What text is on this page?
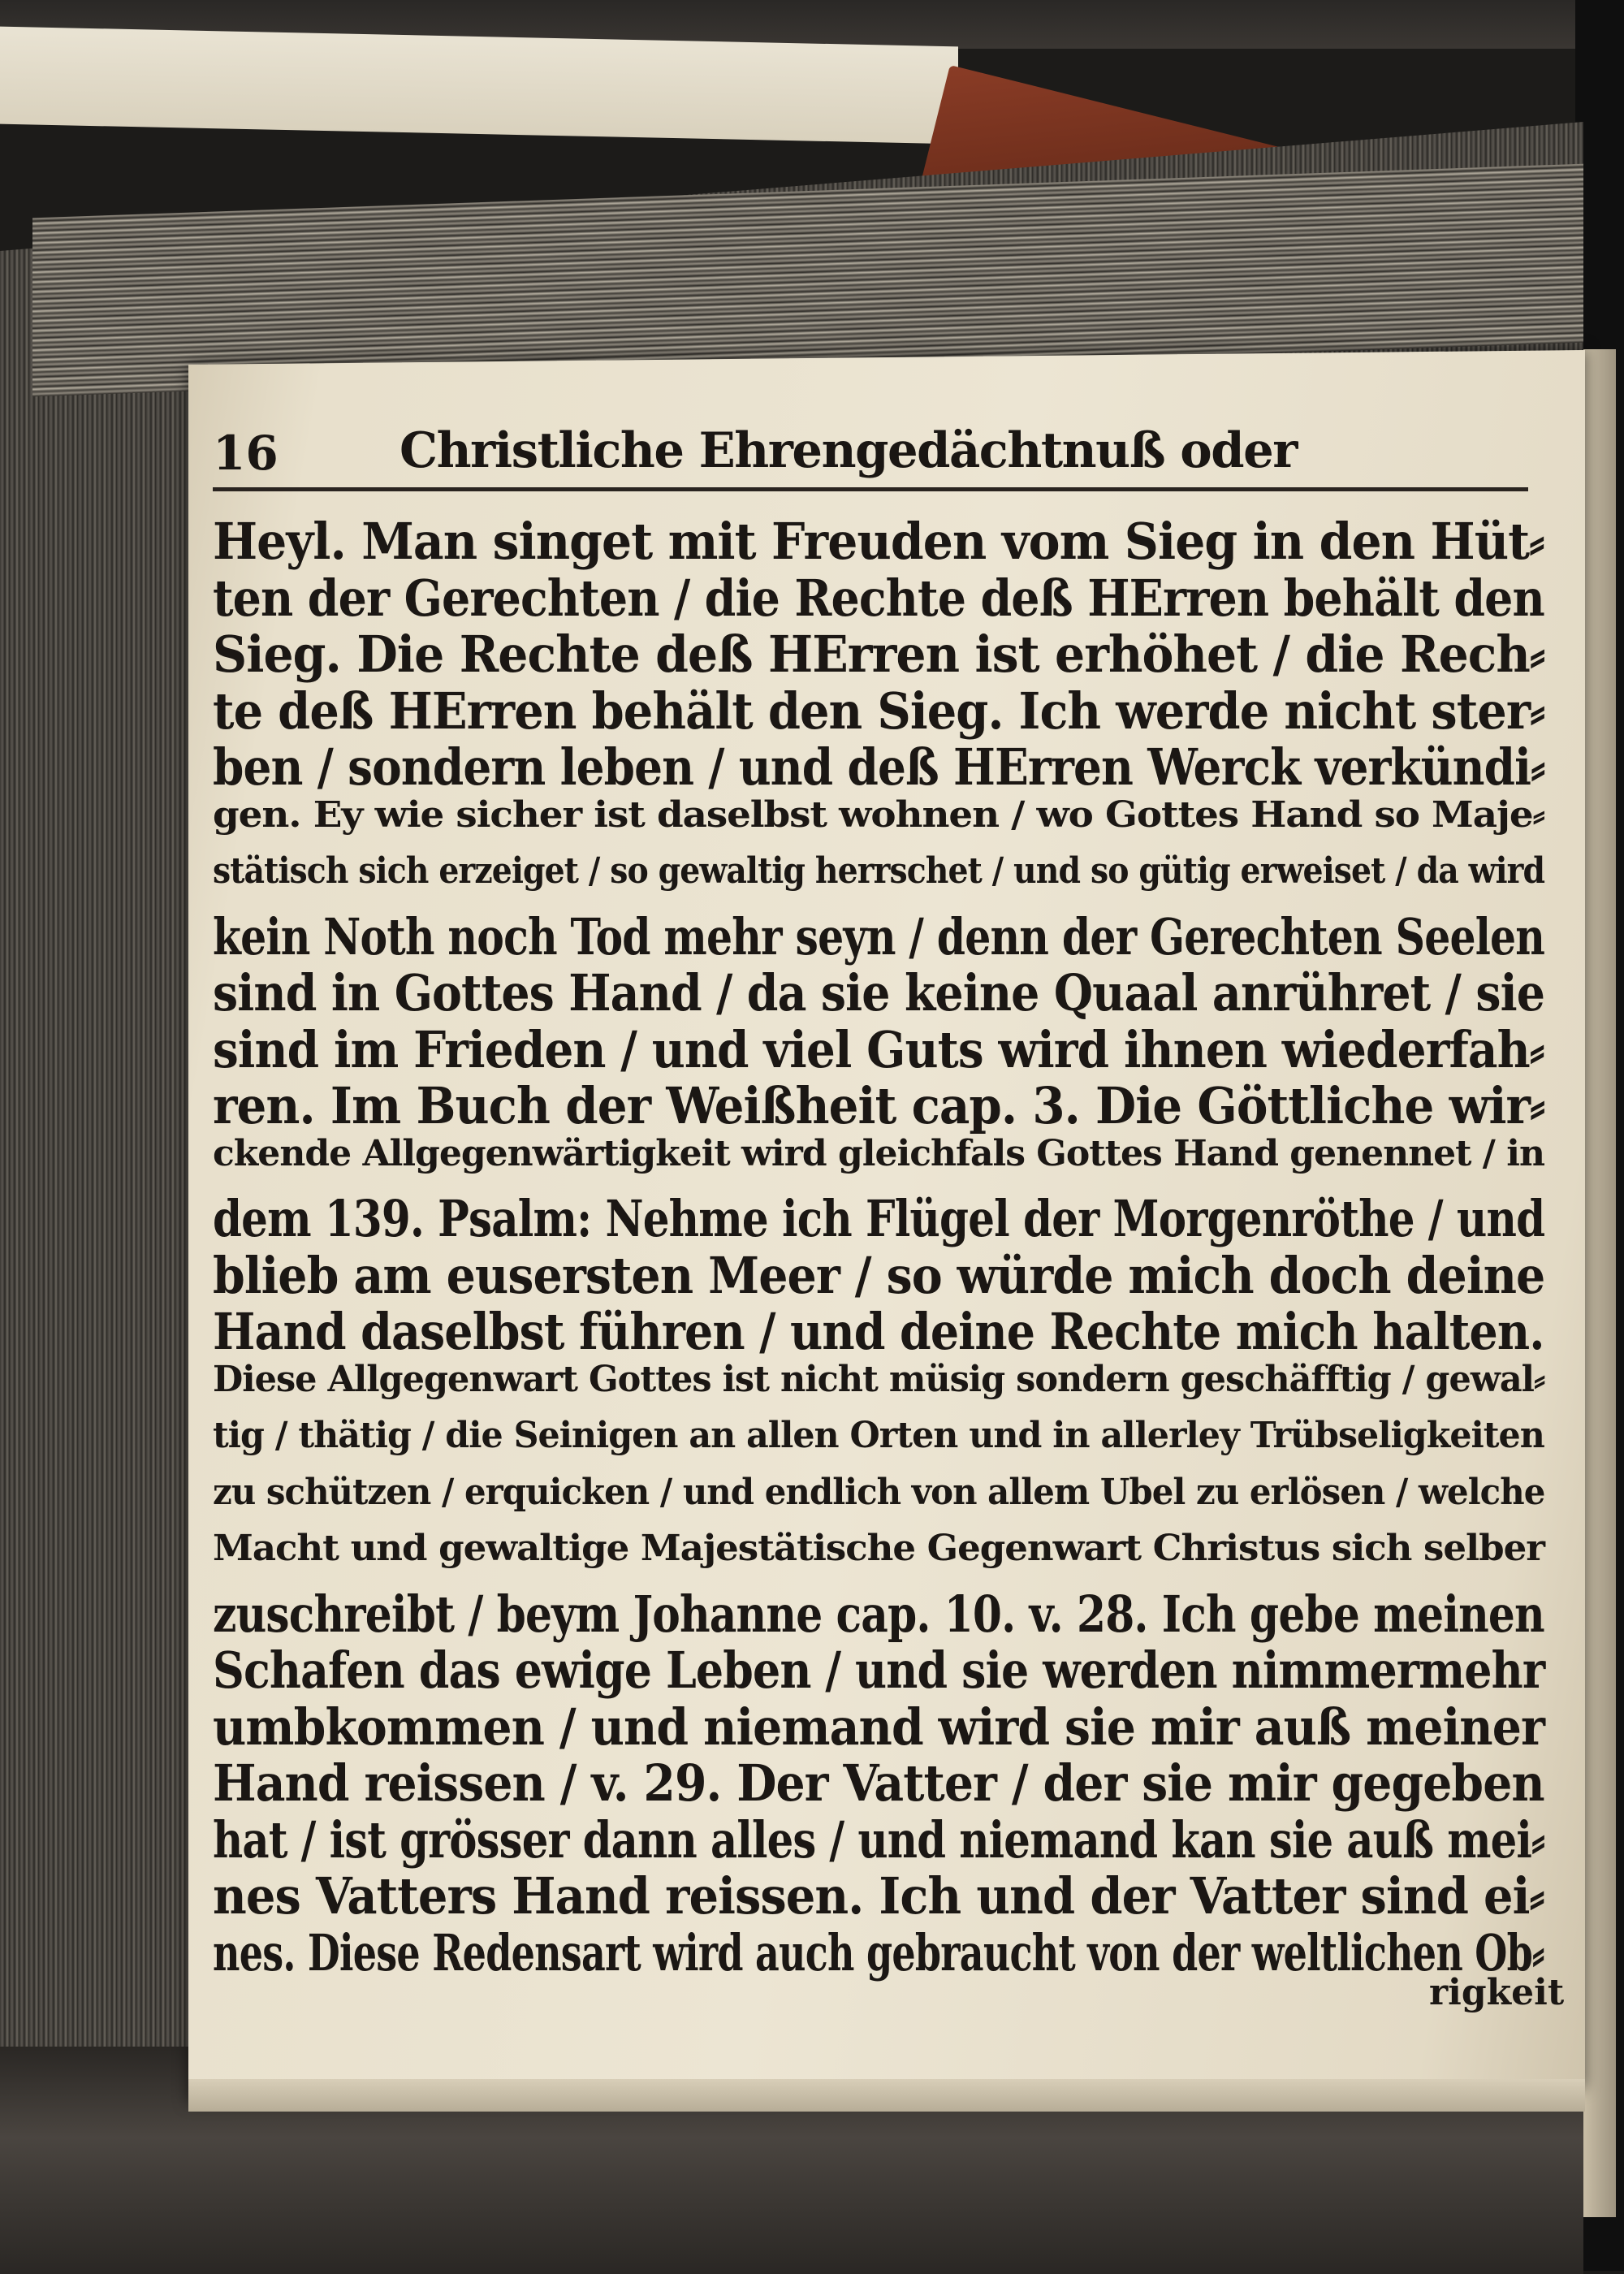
16 Christliche Ehrengedächtnuß oder
Heyl. Man singet mit Freuden vom Sieg in den Hüt⸗
ten der Gerechten / die Rechte deß HErren behält den
Sieg. Die Rechte deß HErren ist erhöhet / die Rech⸗
te deß HErren behält den Sieg. Ich werde nicht ster⸗
ben / sondern leben / und deß HErren Werck verkündi⸗
gen. Ey wie sicher ist daselbst wohnen / wo Gottes Hand so Maje⸗
stätisch sich erzeiget / so gewaltig herrschet / und so gütig erweiset / da wird
kein Noth noch Tod mehr seyn / denn der Gerechten Seelen
sind in Gottes Hand / da sie keine Quaal anrühret / sie
sind im Frieden / und viel Guts wird ihnen wiederfah⸗
ren. Im Buch der Weißheit cap. 3. Die Göttliche wir⸗
ckende Allgegenwärtigkeit wird gleichfals Gottes Hand genennet / in
dem 139. Psalm: Nehme ich Flügel der Morgenröthe / und
blieb am eusersten Meer / so würde mich doch deine
Hand daselbst führen / und deine Rechte mich halten.
Diese Allgegenwart Gottes ist nicht müsig sondern geschäfftig / gewal⸗
tig / thätig / die Seinigen an allen Orten und in allerley Trübseligkeiten
zu schützen / erquicken / und endlich von allem Ubel zu erlösen / welche
Macht und gewaltige Majestätische Gegenwart Christus sich selber
zuschreibt / beym Johanne cap. 10. v. 28. Ich gebe meinen
Schafen das ewige Leben / und sie werden nimmermehr
umbkommen / und niemand wird sie mir auß meiner
Hand reissen / v. 29. Der Vatter / der sie mir gegeben
hat / ist grösser dann alles / und niemand kan sie auß mei⸗
nes Vatters Hand reissen. Ich und der Vatter sind ei⸗
nes. Diese Redensart wird auch gebraucht von der weltlichen Ob⸗
rigkeit
